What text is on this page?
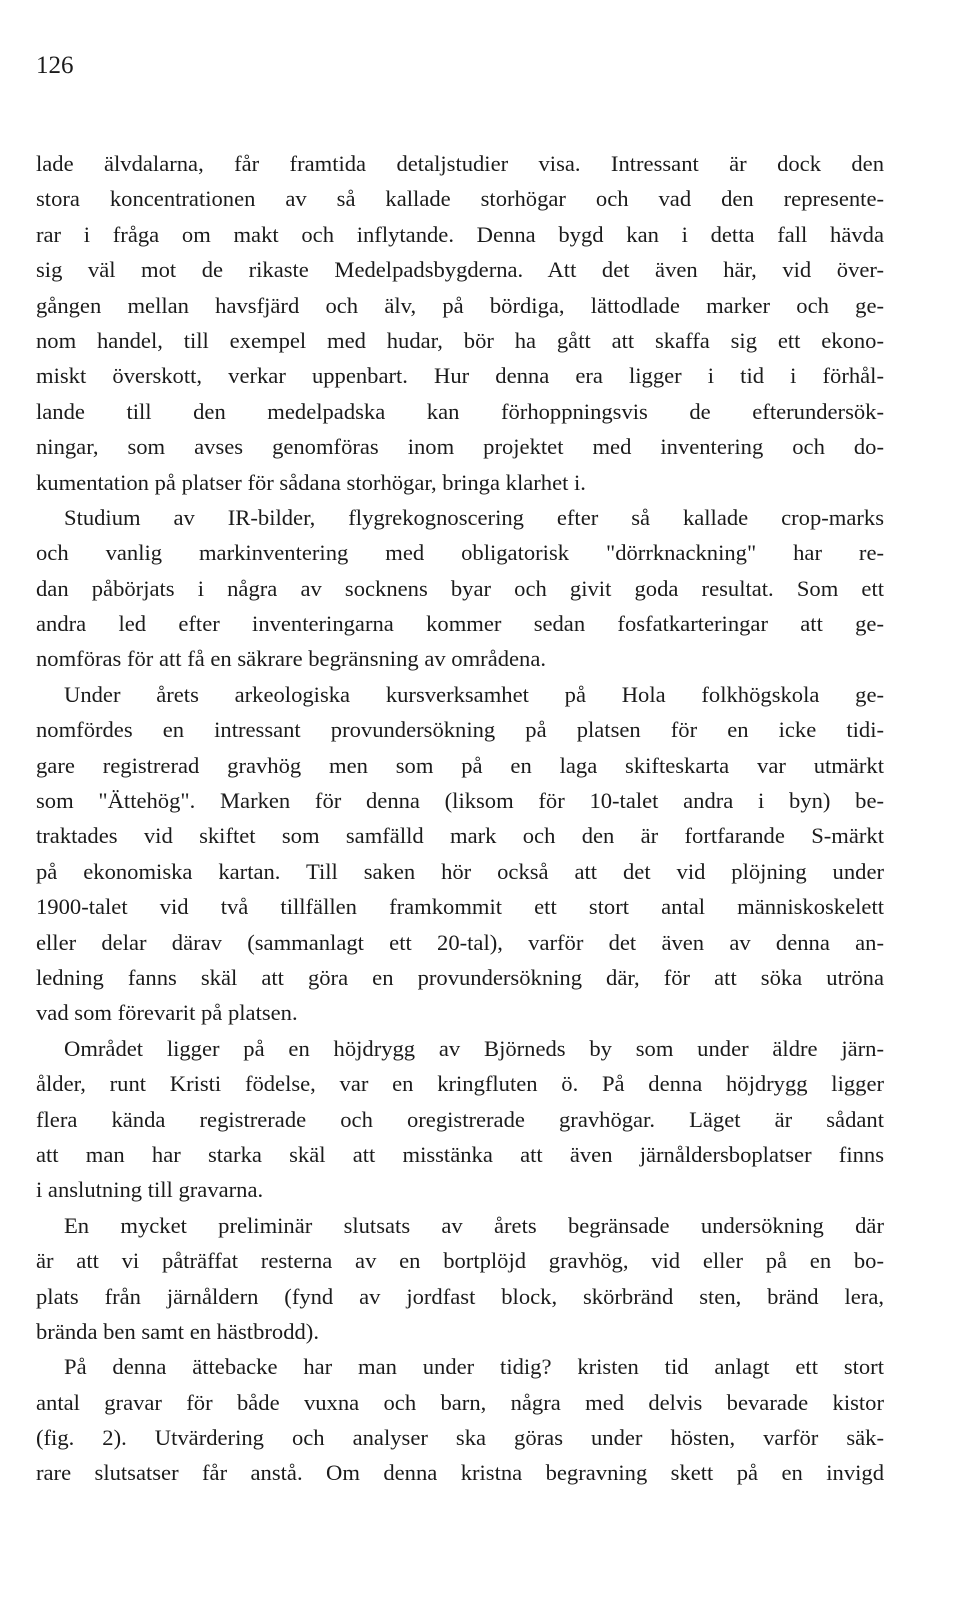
126
lade älvdalarna, får framtida detaljstudier visa. Intressant är dock den
stora koncentrationen av så kallade storhögar och vad den represente-
rar i fråga om makt och inflytande. Denna bygd kan i detta fall hävda
sig väl mot de rikaste Medelpadsbygderna. Att det även här, vid över-
gången mellan havsfjärd och älv, på bördiga, lättodlade marker och ge-
nom handel, till exempel med hudar, bör ha gått att skaffa sig ett ekono-
miskt överskott, verkar uppenbart. Hur denna era ligger i tid i förhål-
lande till den medelpadska kan förhoppningsvis de efterundersök-
ningar, som avses genomföras inom projektet med inventering och do-
kumentation på platser för sådana storhögar, bringa klarhet i.
Studium av IR-bilder, flygrekognoscering efter så kallade crop-marks
och vanlig markinventering med obligatorisk "dörrknackning" har re-
dan påbörjats i några av socknens byar och givit goda resultat. Som ett
andra led efter inventeringarna kommer sedan fosfatkarteringar att ge-
nomföras för att få en säkrare begränsning av områdena.
Under årets arkeologiska kursverksamhet på Hola folkhögskola ge-
nomfördes en intressant provundersökning på platsen för en icke tidi-
gare registrerad gravhög men som på en laga skifteskarta var utmärkt
som "Ättehög". Marken för denna (liksom för 10-talet andra i byn) be-
traktades vid skiftet som samfälld mark och den är fortfarande S-märkt
på ekonomiska kartan. Till saken hör också att det vid plöjning under
1900-talet vid två tillfällen framkommit ett stort antal människoskelett
eller delar därav (sammanlagt ett 20-tal), varför det även av denna an-
ledning fanns skäl att göra en provundersökning där, för att söka utröna
vad som förevarit på platsen.
Området ligger på en höjdrygg av Björneds by som under äldre järn-
ålder, runt Kristi födelse, var en kringfluten ö. På denna höjdrygg ligger
flera kända registrerade och oregistrerade gravhögar. Läget är sådant
att man har starka skäl att misstänka att även järnåldersboplatser finns
i anslutning till gravarna.
En mycket preliminär slutsats av årets begränsade undersökning där
är att vi påträffat resterna av en bortplöjd gravhög, vid eller på en bo-
plats från järnåldern (fynd av jordfast block, skörbränd sten, bränd lera,
brända ben samt en hästbrodd).
På denna ättebacke har man under tidig? kristen tid anlagt ett stort
antal gravar för både vuxna och barn, några med delvis bevarade kistor
(fig. 2). Utvärdering och analyser ska göras under hösten, varför säk-
rare slutsatser får anstå. Om denna kristna begravning skett på en invigd
